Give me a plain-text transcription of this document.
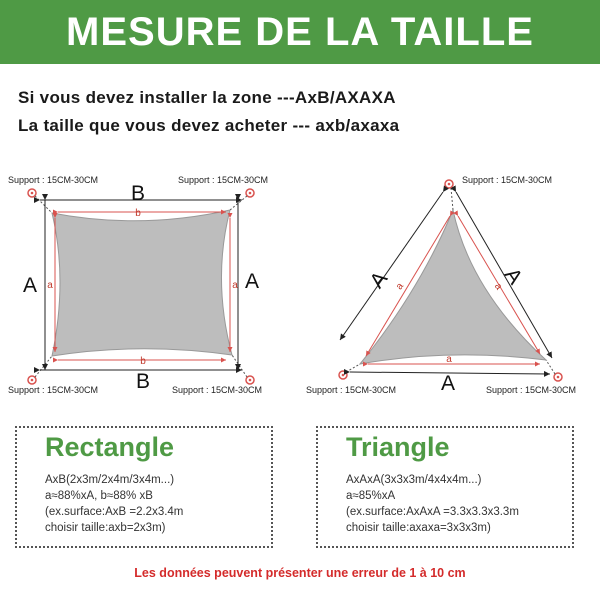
MESURE DE LA TAILLE
Si vous devez installer la zone ---AxB/AXAXA
La taille que vous devez acheter --- axb/axaxa
B
B
A	A
b
b
a	a
Support : 15CM-30CM	Support : 15CM-30CM
Support : 15CM-30CM	Support : 15CM-30CM
A	A
A
a	a
a
Support : 15CM-30CM
Support : 15CM-30CM	Support : 15CM-30CM
Rectangle
AxB(2x3m/2x4m/3x4m...)
a≈88%xA, b≈88% xB
(ex.surface:AxB =2.2x3.4m
choisir taille:axb=2x3m)
Triangle
AxAxA(3x3x3m/4x4x4m...)
a≈85%xA
(ex.surface:AxAxA =3.3x3.3x3.3m
choisir taille:axaxa=3x3x3m)
Les données peuvent présenter une erreur de 1 à 10 cm
